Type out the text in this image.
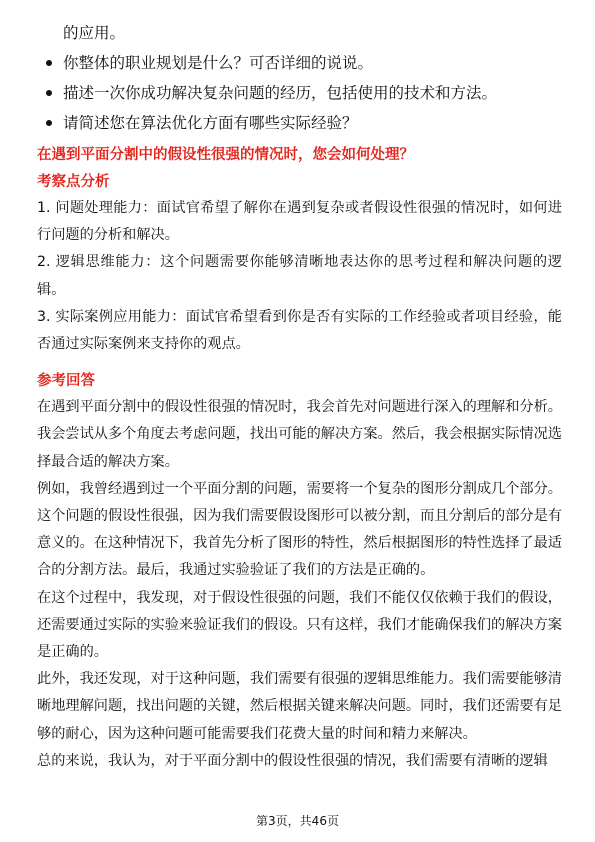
的应用。
你整体的职业规划是什么？可否详细的说说。
描述一次你成功解决复杂问题的经历，包括使用的技术和方法。
请简述您在算法优化方面有哪些实际经验？
在遇到平面分割中的假设性很强的情况时，您会如何处理？
考察点分析

1. 问题处理能力：面试官希望了解你在遇到复杂或者假设性很强的情况时，如何进行问题的分析和解决。

2. 逻辑思维能力：这个问题需要你能够清晰地表达你的思考过程和解决问题的逻辑。

3. 实际案例应用能力：面试官希望看到你是否有实际的工作经验或者项目经验，能否通过实际案例来支持你的观点。

参考回答

在遇到平面分割中的假设性很强的情况时，我会首先对问题进行深入的理解和分析。我会尝试从多个角度去考虑问题，找出可能的解决方案。然后，我会根据实际情况选择最合适的解决方案。

例如，我曾经遇到过一个平面分割的问题，需要将一个复杂的图形分割成几个部分。这个问题的假设性很强，因为我们需要假设图形可以被分割，而且分割后的部分是有意义的。在这种情况下，我首先分析了图形的特性，然后根据图形的特性选择了最适合的分割方法。最后，我通过实验验证了我们的方法是正确的。

在这个过程中，我发现，对于假设性很强的问题，我们不能仅仅依赖于我们的假设，还需要通过实际的实验来验证我们的假设。只有这样，我们才能确保我们的解决方案是正确的。

此外，我还发现，对于这种问题，我们需要有很强的逻辑思维能力。我们需要能够清晰地理解问题，找出问题的关键，然后根据关键来解决问题。同时，我们还需要有足够的耐心，因为这种问题可能需要我们花费大量的时间和精力来解决。

总的来说，我认为，对于平面分割中的假设性很强的情况，我们需要有清晰的逻辑

第3页，共46页
